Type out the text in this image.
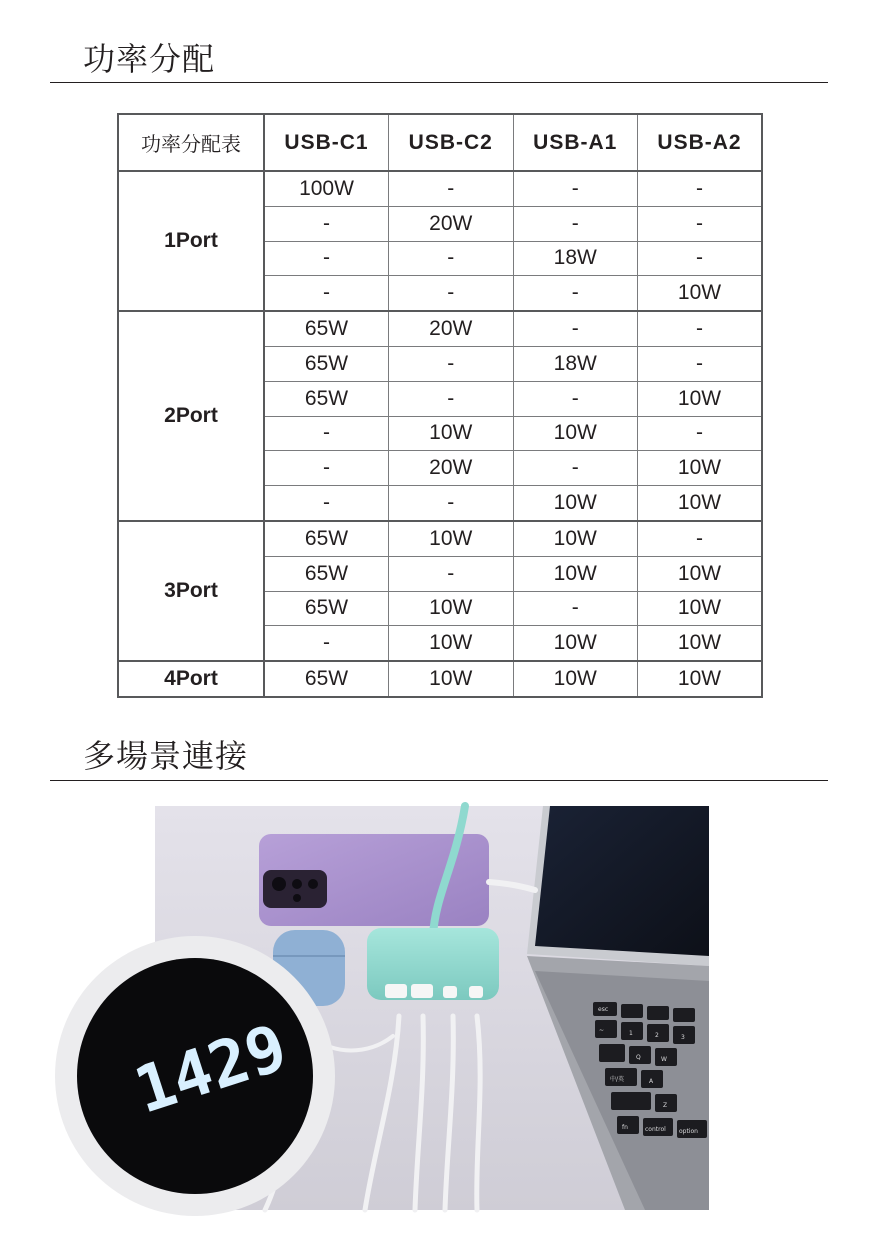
功率分配
功率分配表	USB-C1	USB-C2	USB-A1	USB-A2
1Port	100W	-	-	-
	-	20W	-	-
	-	-	18W	-
	-	-	-	10W
2Port	65W	20W	-	-
	65W	-	18W	-
	65W	-	-	10W
	-	10W	10W	-
	-	20W	-	10W
	-	-	10W	10W
3Port	65W	10W	10W	-
	65W	-	10W	10W
	65W	10W	-	10W
	-	10W	10W	10W
4Port	65W	10W	10W	10W
多場景連接
esc
~	1	2	3
Q	W
中/英	A
Z
fn	control option
1429
